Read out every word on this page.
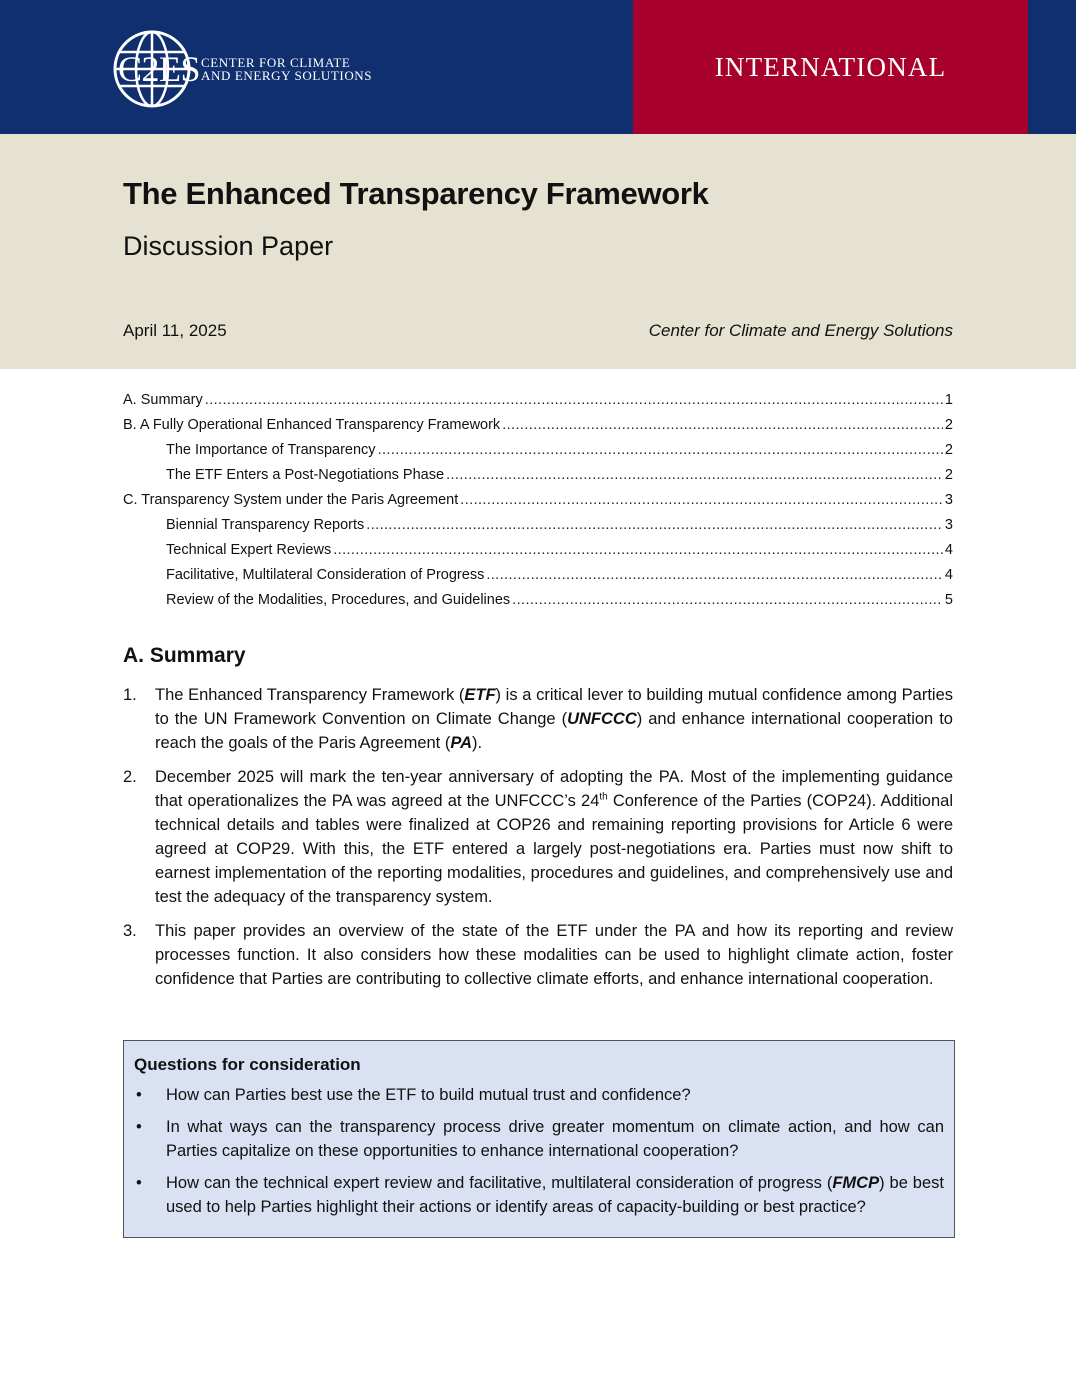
C2ES CENTER FOR CLIMATE
AND ENERGY SOLUTIONS	INTERNATIONAL
The Enhanced Transparency Framework
Discussion Paper
April 11, 2025	Center for Climate and Energy Solutions
A. Summary .....	1
B. A Fully Operational Enhanced Transparency Framework .....	2
The Importance of Transparency .....	2
The ETF Enters a Post-Negotiations Phase .....	2
C. Transparency System under the Paris Agreement .....	3
Biennial Transparency Reports .....	3
Technical Expert Reviews .....	4
Facilitative, Multilateral Consideration of Progress .....	4
Review of the Modalities, Procedures, and Guidelines .....	5
A. Summary
1.	The Enhanced Transparency Framework (ETF) is a critical lever to building mutual confidence among Parties to the UN Framework Convention on Climate Change (UNFCCC) and enhance international cooperation to reach the goals of the Paris Agreement (PA).
2.	December 2025 will mark the ten-year anniversary of adopting the PA. Most of the implementing guidance that operationalizes the PA was agreed at the UNFCCC’s 24th Conference of the Parties (COP24). Additional technical details and tables were finalized at COP26 and remaining reporting provisions for Article 6 were agreed at COP29. With this, the ETF entered a largely post-negotiations era. Parties must now shift to earnest implementation of the reporting modalities, procedures and guidelines, and comprehensively use and test the adequacy of the transparency system.
3.	This paper provides an overview of the state of the ETF under the PA and how its reporting and review processes function. It also considers how these modalities can be used to highlight climate action, foster confidence that Parties are contributing to collective climate efforts, and enhance international cooperation.
Questions for consideration
•	How can Parties best use the ETF to build mutual trust and confidence?
•	In what ways can the transparency process drive greater momentum on climate action, and how can Parties capitalize on these opportunities to enhance international cooperation?
•	How can the technical expert review and facilitative, multilateral consideration of progress (FMCP) be best used to help Parties highlight their actions or identify areas of capacity-building or best practice?
